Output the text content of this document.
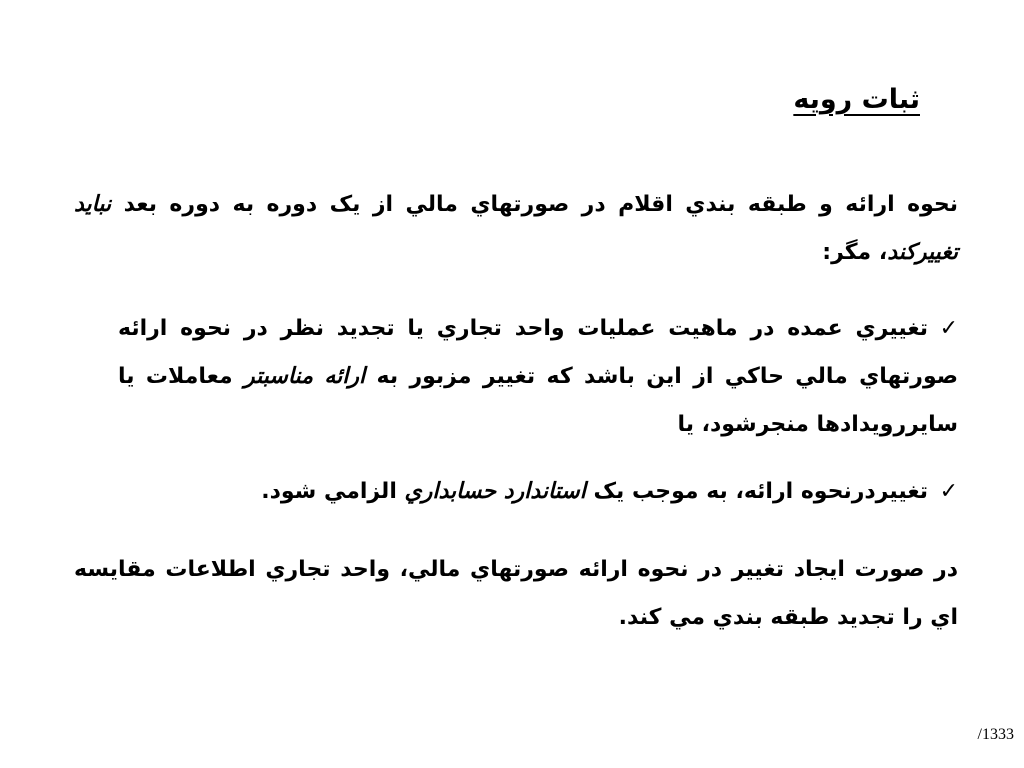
ثبات رويه

نحوه ارائه و طبقه بندي اقلام در صورتهاي مالي از يک دوره به دوره بعد نبايد تغييركند، مگر:

✓تغييري عمده در ماهيت عمليات واحد تجاري يا تجديد نظر در نحوه ارائه صورتهاي مالي حاكي از اين باشد كه تغيير مزبور به ارائه مناسبتر معاملات يا سايررويدادها منجرشود، يا

✓تغييردرنحوه ارائه، به موجب يک استاندارد حسابداري الزامي شود.

در صورت ايجاد تغيير در نحوه ارائه صورتهاي مالي، واحد تجاري اطلاعات مقايسه اي را تجديد طبقه بندي مي كند.

/1333
